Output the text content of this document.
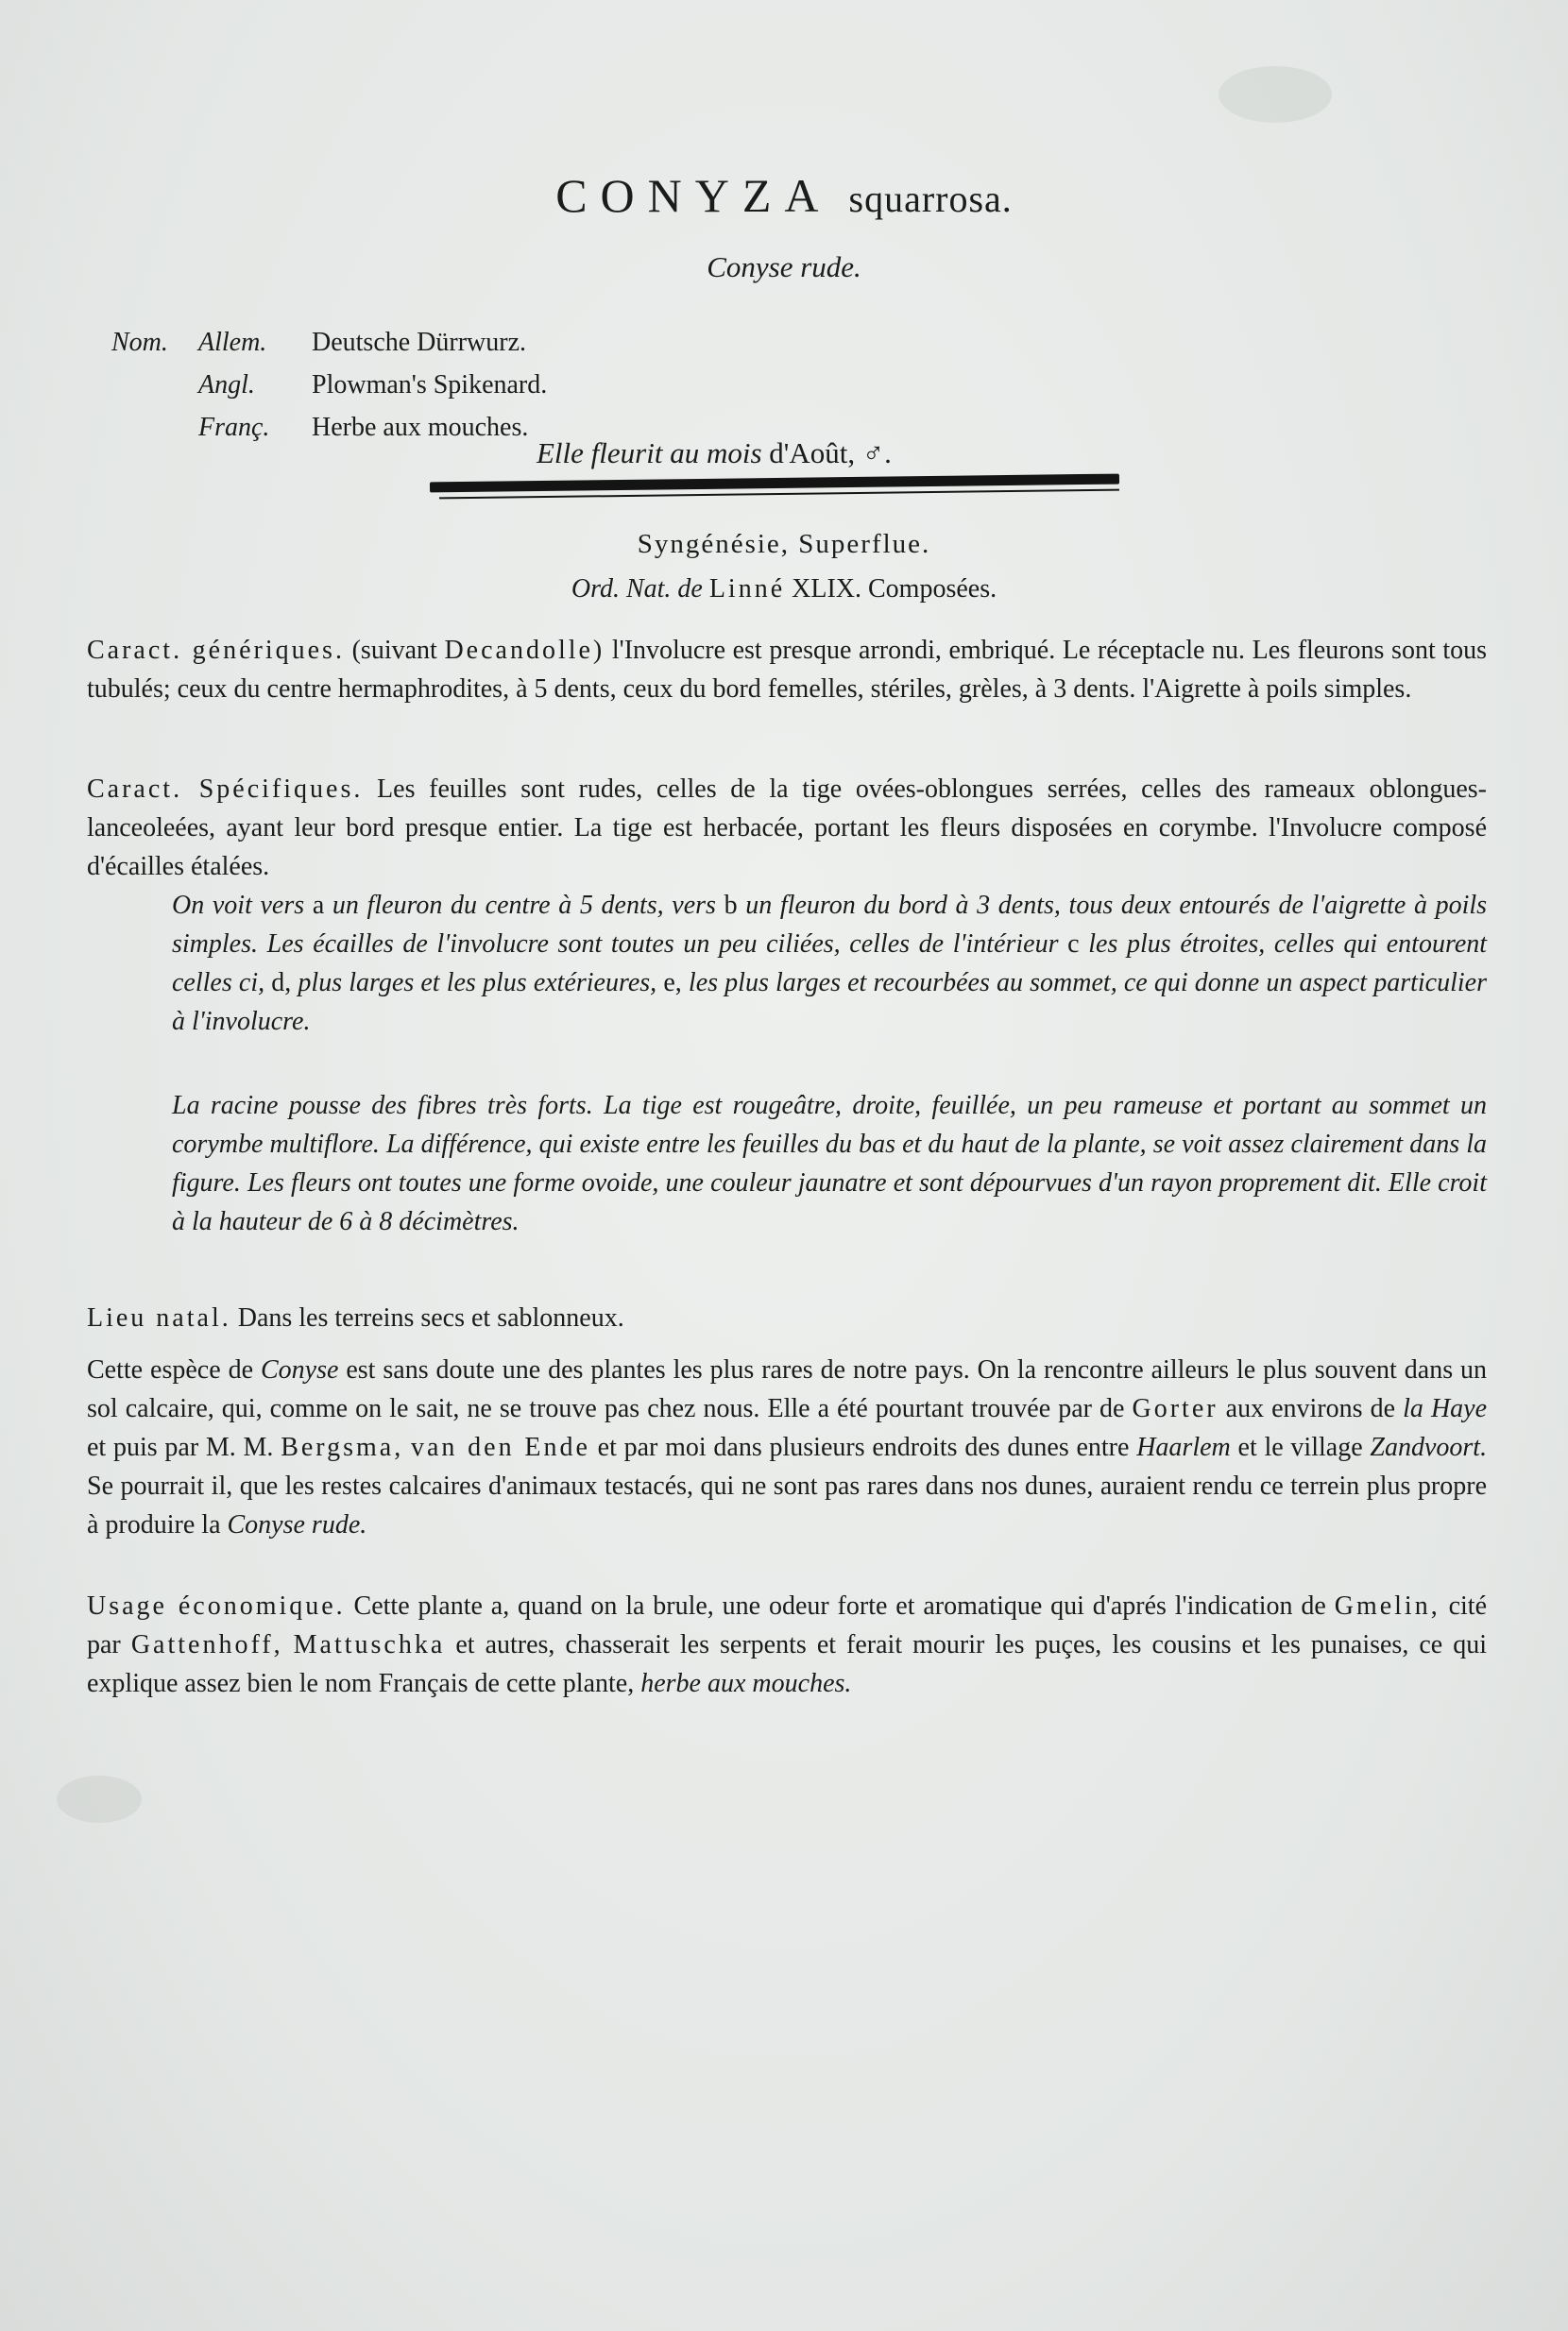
CONYZA squarrosa.
Conyse rude.
Nom. Allem. Deutsche Dürrwurz.
Angl. Plowman's Spikenard.
Franç. Herbe aux mouches.
Elle fleurit au mois d'Août, ♂.
Syngénésie, Superflue.
Ord. Nat. de Linné XLIX. Composées.
Caract. génériques. (suivant Decandolle) l'Involucre est presque arrondi, embriqué. Le réceptacle nu. Les fleurons sont tous tubulés; ceux du centre hermaphrodites, à 5 dents, ceux du bord femelles, stériles, grèles, à 3 dents. l'Aigrette à poils simples.
Caract. Spécifiques. Les feuilles sont rudes, celles de la tige ovées-oblongues serrées, celles des rameaux oblongues-lanceoleées, ayant leur bord presque entier. La tige est herbacée, portant les fleurs disposées en corymbe. l'Involucre composé d'écailles étalées.
On voit vers a un fleuron du centre à 5 dents, vers b un fleuron du bord à 3 dents, tous deux entourés de l'aigrette à poils simples. Les écailles de l'involucre sont toutes un peu ciliées, celles de l'intérieur c les plus étroites, celles qui entourent celles ci, d, plus larges et les plus extérieures, e, les plus larges et recourbées au sommet, ce qui donne un aspect particulier à l'involucre.
La racine pousse des fibres très forts. La tige est rougeâtre, droite, feuillée, un peu rameuse et portant au sommet un corymbe multiflore. La différence, qui existe entre les feuilles du bas et du haut de la plante, se voit assez clairement dans la figure. Les fleurs ont toutes une forme ovoide, une couleur jaunatre et sont dépourvues d'un rayon proprement dit. Elle croit à la hauteur de 6 à 8 décimètres.
Lieu natal. Dans les terreins secs et sablonneux.
Cette espèce de Conyse est sans doute une des plantes les plus rares de notre pays. On la rencontre ailleurs le plus souvent dans un sol calcaire, qui, comme on le sait, ne se trouve pas chez nous. Elle a été pourtant trouvée par de Gorter aux environs de la Haye et puis par M. M. Bergsma, van den Ende et par moi dans plusieurs endroits des dunes entre Haarlem et le village Zandvoort. Se pourrait il, que les restes calcaires d'animaux testacés, qui ne sont pas rares dans nos dunes, auraient rendu ce terrein plus propre à produire la Conyse rude.
Usage économique. Cette plante a, quand on la brule, une odeur forte et aromatique qui d'aprés l'indication de Gmelin, cité par Gattenhoff, Mattuschka et autres, chasserait les serpents et ferait mourir les puçes, les cousins et les punaises, ce qui explique assez bien le nom Français de cette plante, herbe aux mouches.
